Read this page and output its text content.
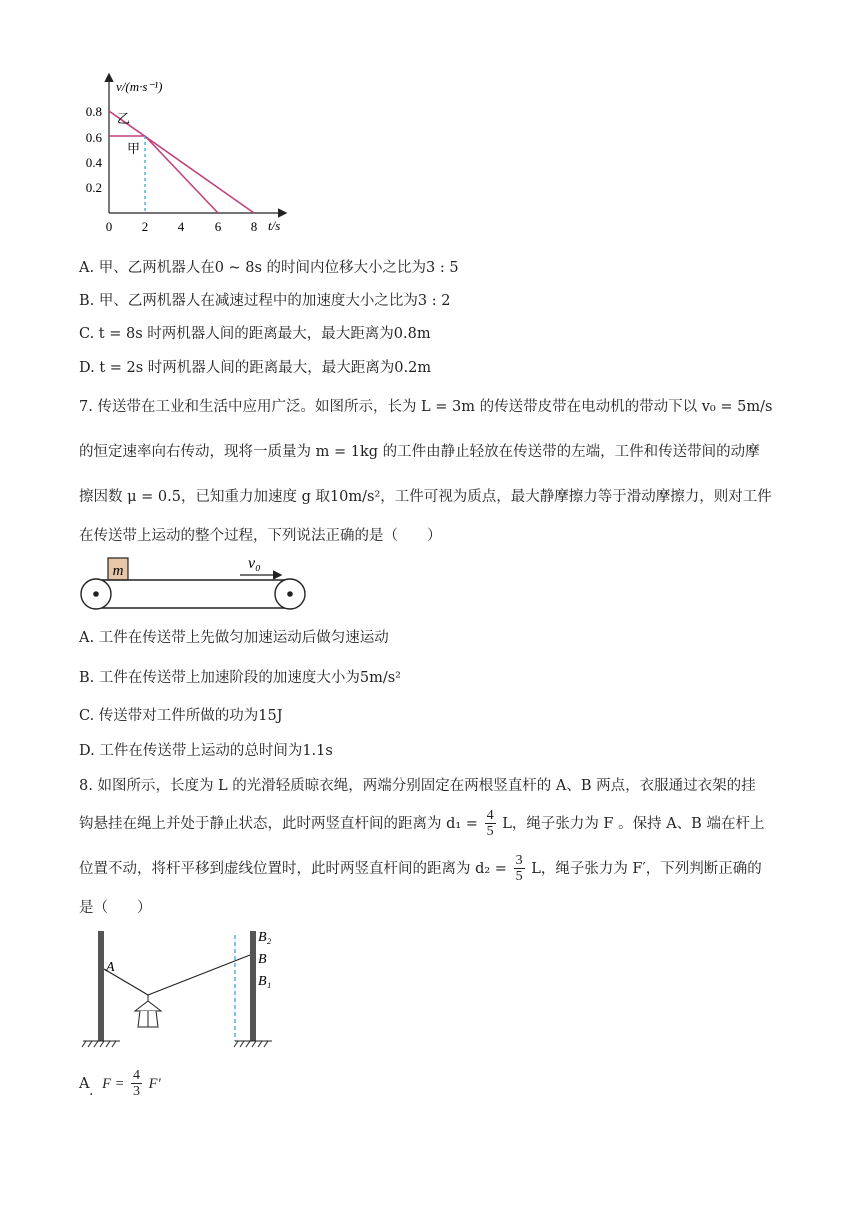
v/(m·s⁻¹)
t/s
0.8
0.6
0.4
0.2
0 2 4 6 8
乙
甲
A. 甲、乙两机器人在0 ~ 8s 的时间内位移大小之比为3 : 5
B. 甲、乙两机器人在减速过程中的加速度大小之比为3 : 2
C. t = 8s 时两机器人间的距离最大，最大距离为0.8m
D. t = 2s 时两机器人间的距离最大，最大距离为0.2m
7. 传送带在工业和生活中应用广泛。如图所示，长为 L = 3m 的传送带皮带在电动机的带动下以 v₀ = 5m/s
的恒定速率向右传动，现将一质量为 m = 1kg 的工件由静止轻放在传送带的左端，工件和传送带间的动摩
擦因数 μ = 0.5，已知重力加速度 g 取10m/s²，工件可视为质点，最大静摩擦力等于滑动摩擦力，则对工件
在传送带上运动的整个过程，下列说法正确的是（　　）
m	v₀
A. 工件在传送带上先做匀加速运动后做匀速运动
B. 工件在传送带上加速阶段的加速度大小为5m/s²
C. 传送带对工件所做的功为15J
D. 工件在传送带上运动的总时间为1.1s
8. 如图所示，长度为 L 的光滑轻质晾衣绳，两端分别固定在两根竖直杆的 A、B 两点，衣服通过衣架的挂
钩悬挂在绳上并处于静止状态，此时两竖直杆间的距离为 $d_1 = \frac{4}{5}$ L，绳子张力为 F 。保持 A、B 端在杆上
位置不动，将杆平移到虚线位置时，此时两竖直杆间的距离为 $d_2 = \frac{3}{5}$ L，绳子张力为 F′，下列判断正确的
是（　　）
A
B₂
B
B₁
A $F = \frac{4}{3} F'$
.
